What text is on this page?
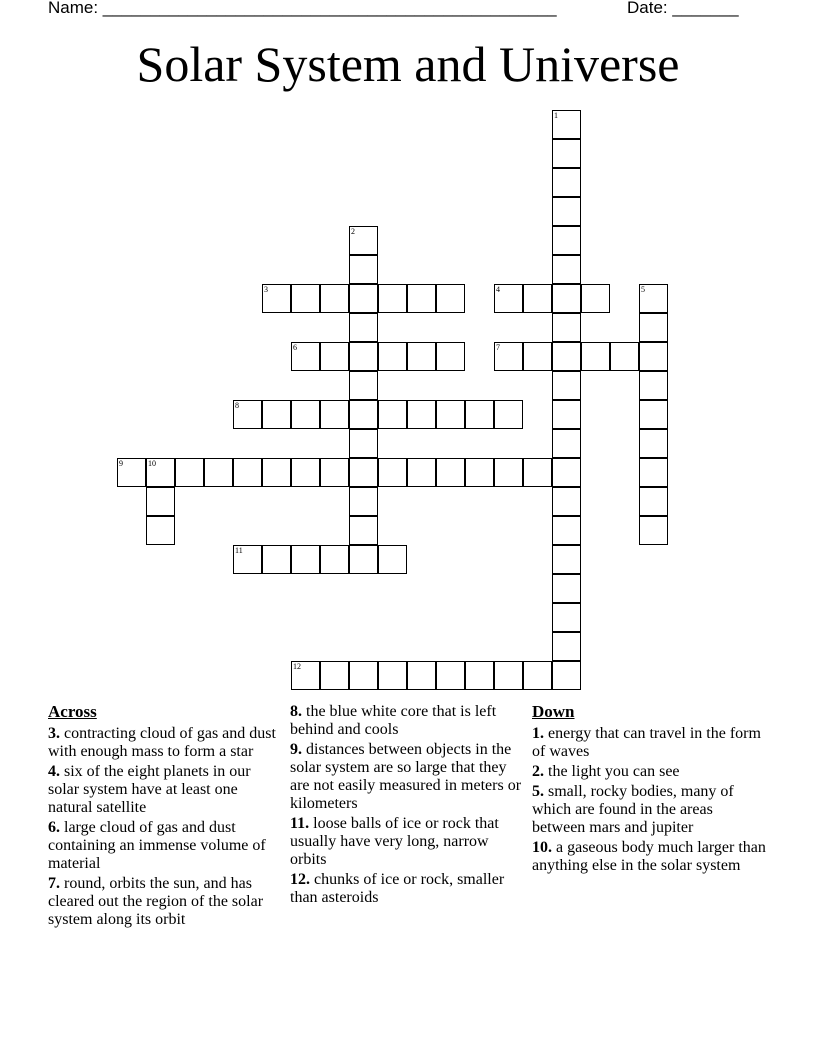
Name: ________________________________________________	Date: _______
Solar System and Universe
3	4
6	7
8
9	10
11
12
1
2
5
Across
3. contracting cloud of gas and dust with enough mass to form a star
4. six of the eight planets in our solar system have at least one natural satellite
6. large cloud of gas and dust containing an immense volume of material
7. round, orbits the sun, and has cleared out the region of the solar system along its orbit
8. the blue white core that is left behind and cools
9. distances between objects in the solar system are so large that they are not easily measured in meters or kilometers
11. loose balls of ice or rock that usually have very long, narrow orbits
12. chunks of ice or rock, smaller than asteroids
Down
1. energy that can travel in the form of waves
2. the light you can see
5. small, rocky bodies, many of which are found in the areas between mars and jupiter
10. a gaseous body much larger than anything else in the solar system
